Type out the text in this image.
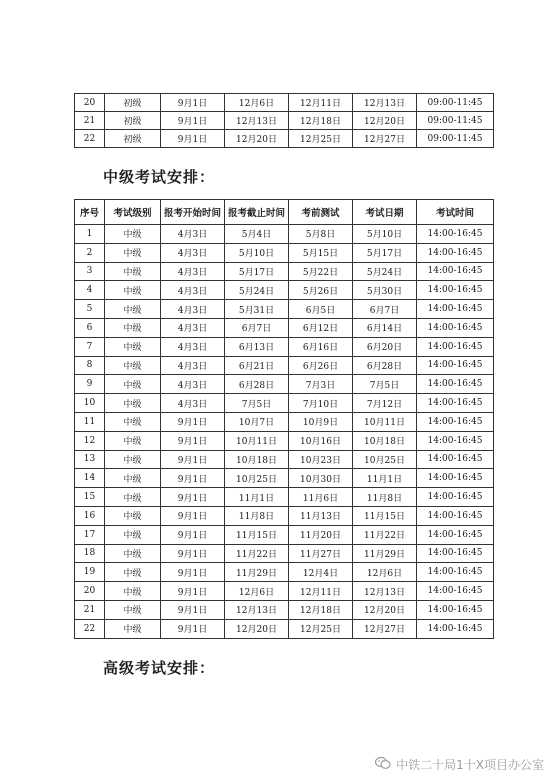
20	初级	9月1日	12月6日	12月11日	12月13日	09:00-11:45
21	初级	9月1日	12月13日	12月18日	12月20日	09:00-11:45
22	初级	9月1日	12月20日	12月25日	12月27日	09:00-11:45
中级考试安排：
序号	考试级别	报考开始时间	报考截止时间	考前测试	考试日期	考试时间
1	中级	4月3日	5月4日	5月8日	5月10日	14:00-16:45
2	中级	4月3日	5月10日	5月15日	5月17日	14:00-16:45
3	中级	4月3日	5月17日	5月22日	5月24日	14:00-16:45
4	中级	4月3日	5月24日	5月26日	5月30日	14:00-16:45
5	中级	4月3日	5月31日	6月5日	6月7日	14:00-16:45
6	中级	4月3日	6月7日	6月12日	6月14日	14:00-16:45
7	中级	4月3日	6月13日	6月16日	6月20日	14:00-16:45
8	中级	4月3日	6月21日	6月26日	6月28日	14:00-16:45
9	中级	4月3日	6月28日	7月3日	7月5日	14:00-16:45
10	中级	4月3日	7月5日	7月10日	7月12日	14:00-16:45
11	中级	9月1日	10月7日	10月9日	10月11日	14:00-16:45
12	中级	9月1日	10月11日	10月16日	10月18日	14:00-16:45
13	中级	9月1日	10月18日	10月23日	10月25日	14:00-16:45
14	中级	9月1日	10月25日	10月30日	11月1日	14:00-16:45
15	中级	9月1日	11月1日	11月6日	11月8日	14:00-16:45
16	中级	9月1日	11月8日	11月13日	11月15日	14:00-16:45
17	中级	9月1日	11月15日	11月20日	11月22日	14:00-16:45
18	中级	9月1日	11月22日	11月27日	11月29日	14:00-16:45
19	中级	9月1日	11月29日	12月4日	12月6日	14:00-16:45
20	中级	9月1日	12月6日	12月11日	12月13日	14:00-16:45
21	中级	9月1日	12月13日	12月18日	12月20日	14:00-16:45
22	中级	9月1日	12月20日	12月25日	12月27日	14:00-16:45
高级考试安排：
中铁二十局1十X项目办公室
